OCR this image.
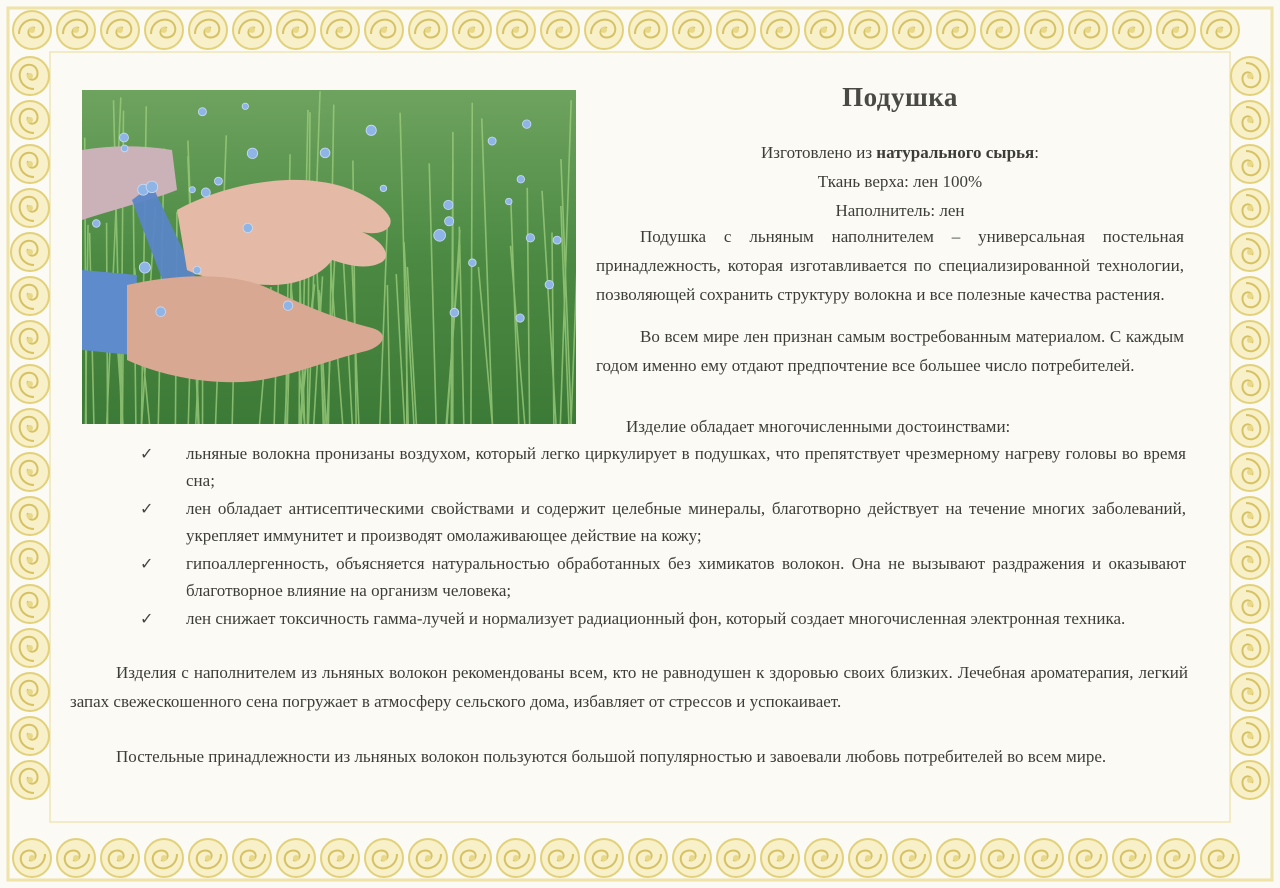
Подушка
Изготовлено из натурального сырья:
Ткань верха: лен 100%
Наполнитель: лен

Подушка с льняным наполнителем – универсальная постельная принадлежность, которая изготавливается по специализированной технологии, позволяющей сохранить структуру волокна и все полезные качества растения.

Во всем мире лен признан самым востребованным материалом. С каждым годом именно ему отдают предпочтение все большее число потребителей.

Изделие обладает многочисленными достоинствами:

✓ льняные волокна пронизаны воздухом, который легко циркулирует в подушках, что препятствует чрезмерному нагреву головы во время сна;
✓ лен обладает антисептическими свойствами и содержит целебные минералы, благотворно действует на течение многих заболеваний, укрепляет иммунитет и производят омолаживающее действие на кожу;
✓ гипоаллергенность, объясняется натуральностью обработанных без химикатов волокон. Она не вызывают раздражения и оказывают благотворное влияние на организм человека;
✓ лен снижает токсичность гамма-лучей и нормализует радиационный фон, который создает многочисленная электронная техника.

Изделия с наполнителем из льняных волокон рекомендованы всем, кто не равнодушен к здоровью своих близких. Лечебная ароматерапия, легкий запах свежескошенного сена погружает в атмосферу сельского дома, избавляет от стрессов и успокаивает.

Постельные принадлежности из льняных волокон пользуются большой популярностью и завоевали любовь потребителей во всем мире.
